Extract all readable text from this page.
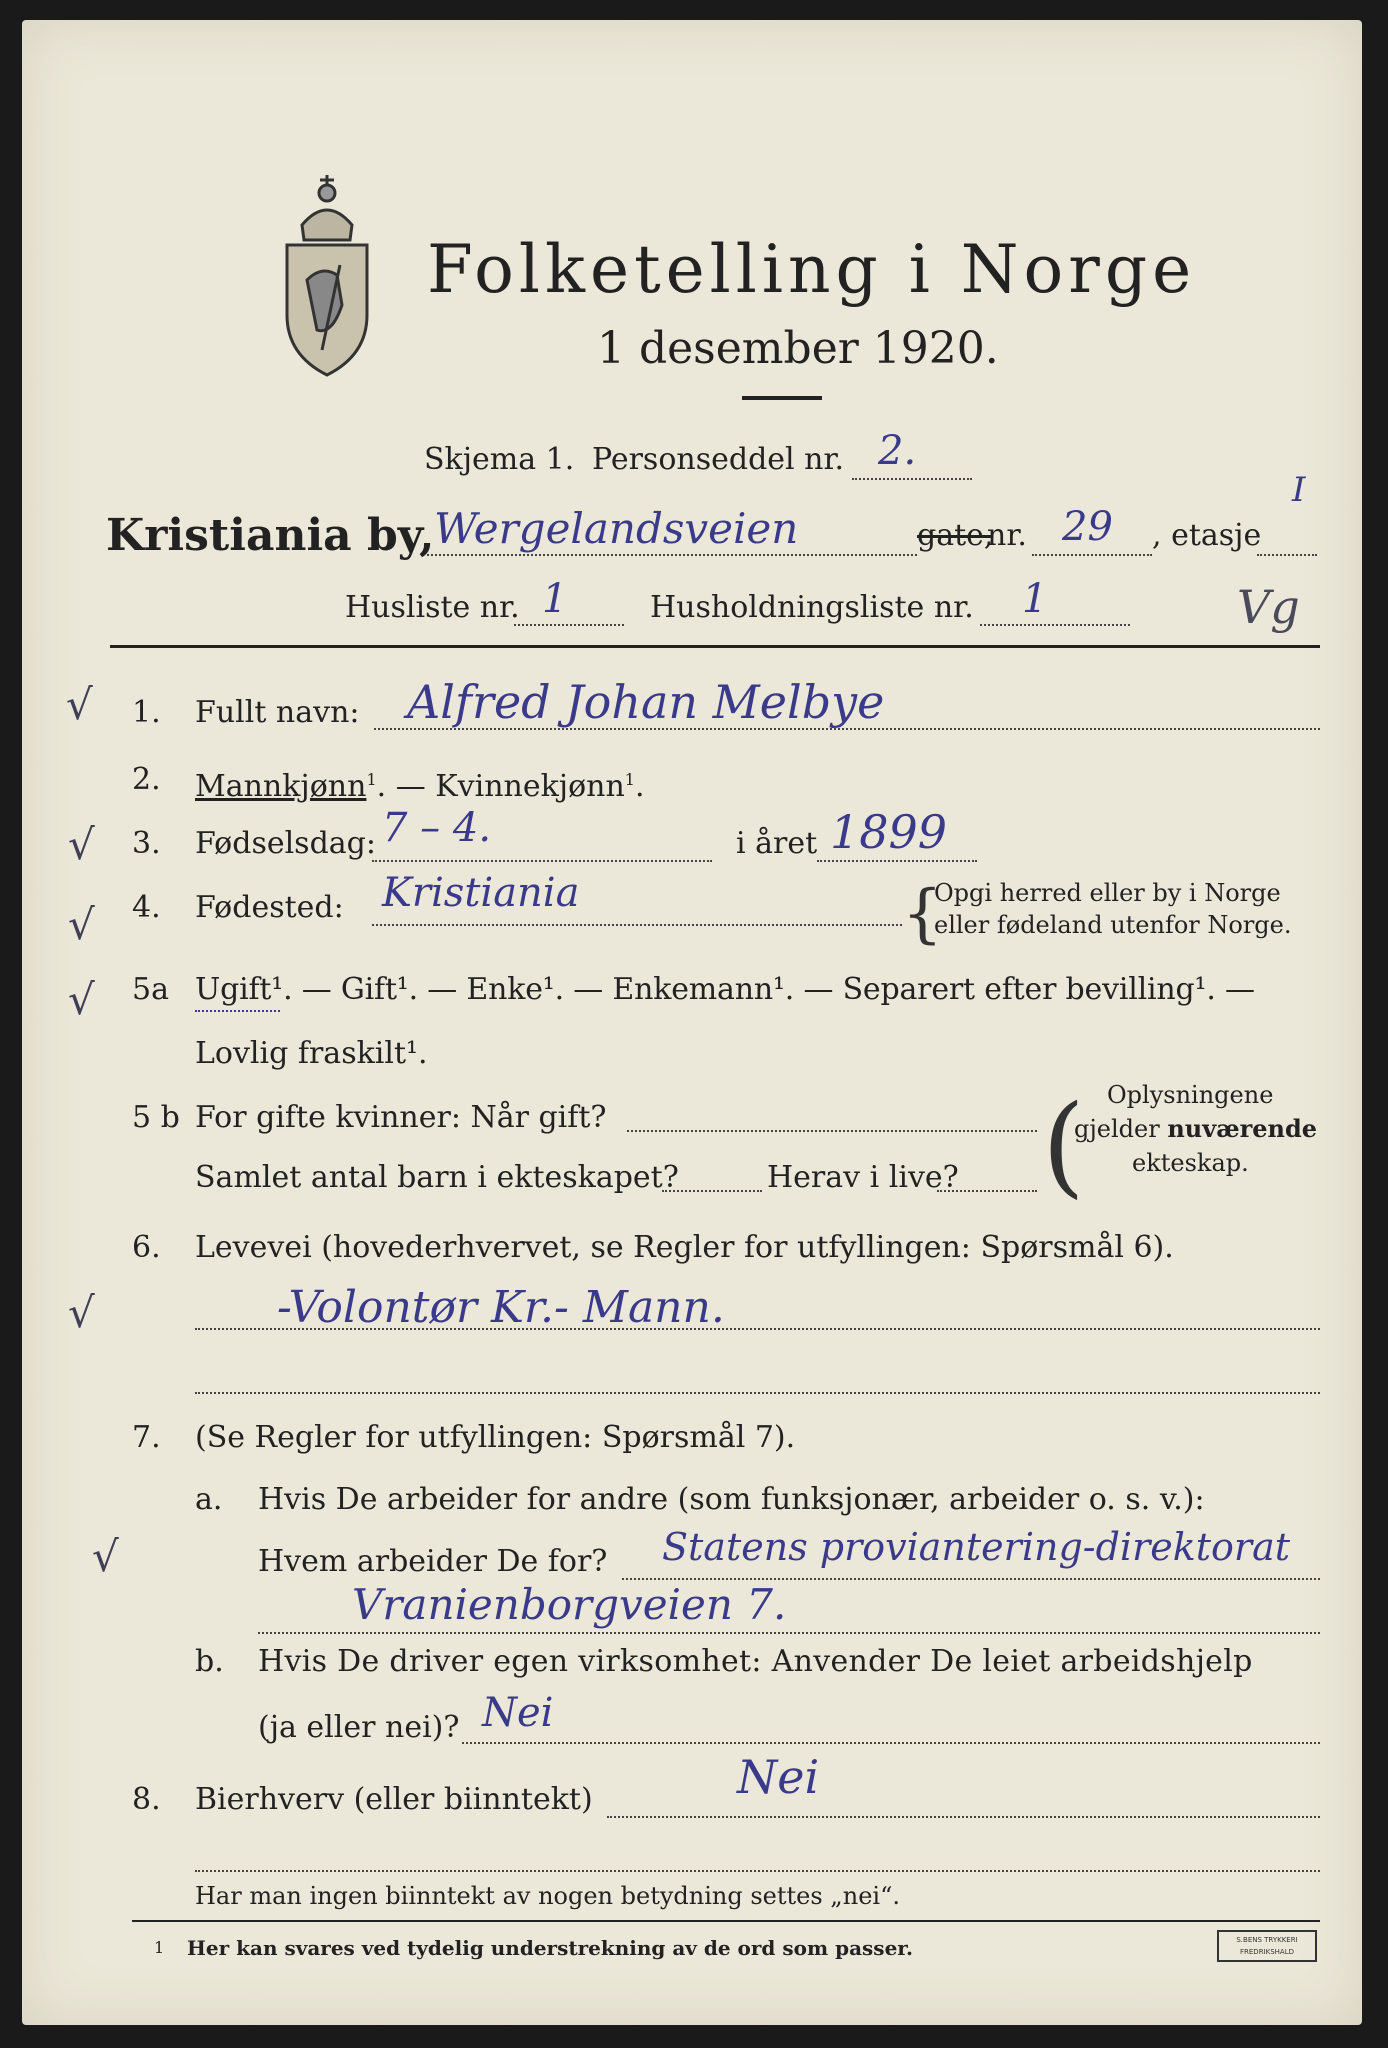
Folketelling i Norge
1 desember 1920.
Skjema 1. Personseddel nr. 2.
Kristiania by, Wergelandsveien	gate,
nr. 29 , etasje
I
Husliste nr. 1	Husholdningsliste nr. 1	Vg
√
√
√
√
√
√
1. Fullt navn: Alfred Johan Melbye
2. Mannkjønn$^1$. — Kvinnekjønn$^1$.
3. Fødselsdag: 7 – 4.	i året 1899
4. Fødested: Kristiania	{
Opgi herred eller by i Norge
eller fødeland utenfor Norge.
5a Ugift¹. — Gift¹. — Enke¹. — Enkemann¹. — Separert efter bevilling¹. —
Lovlig fraskilt¹.
5 b For gifte kvinner: Når gift?
Samlet antal barn i ekteskapet?	Herav i live? ( Oplysningene
gjelder nuværende
ekteskap.
6. Levevei (hovederhvervet, se Regler for utfyllingen: Spørsmål 6).
-Volontør Kr.- Mann.
7. (Se Regler for utfyllingen: Spørsmål 7).
a. Hvis De arbeider for andre (som funksjonær, arbeider o. s. v.):
Hvem arbeider De for? Statens proviantering-direktorat
Vranienborgveien 7.
b. Hvis De driver egen virksomhet: Anvender De leiet arbeidshjelp
(ja eller nei)? Nei
8. Bierhverv (eller biinntekt)	Nei
Har man ingen biinntekt av nogen betydning settes „nei“.
1 Her kan svares ved tydelig understrekning av de ord som passer.	S.BENS TRYKKERI
FREDRIKSHALD
